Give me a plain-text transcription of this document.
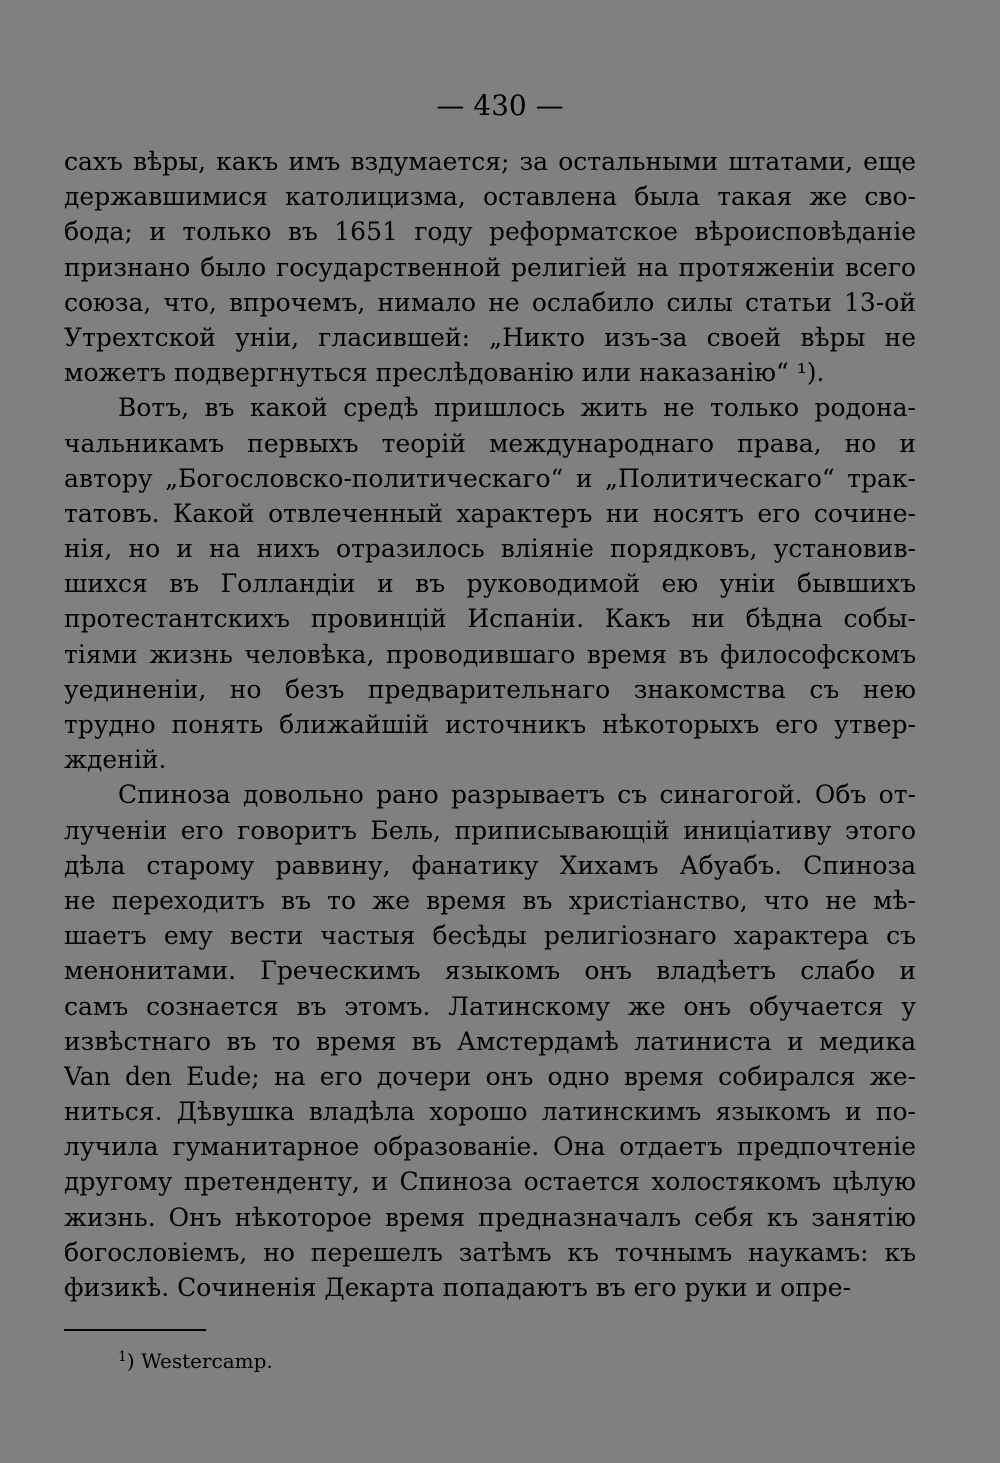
— 430 —
сахъ вѣры, какъ имъ вздумается; за остальными штатами, еще
державшимися католицизма, оставлена была такая же сво-
бода; и только въ 1651 году реформатское вѣроисповѣданіе
признано было государственной религіей на протяженіи всего
союза, что, впрочемъ, нимало не ослабило силы статьи 13-ой
Утрехтской уніи, гласившей: „Никто изъ-за своей вѣры не
можетъ подвергнуться преслѣдованію или наказанію“ ¹).
Вотъ, въ какой средѣ пришлось жить не только родона-
чальникамъ первыхъ теорій международнаго права, но и
автору „Богословско-политическаго“ и „Политическаго“ трак-
татовъ. Какой отвлеченный характеръ ни носятъ его сочине-
нія, но и на нихъ отразилось вліяніе порядковъ, установив-
шихся въ Голландіи и въ руководимой ею уніи бывшихъ
протестантскихъ провинцій Испаніи. Какъ ни бѣдна собы-
тіями жизнь человѣка, проводившаго время въ философскомъ
уединеніи, но безъ предварительнаго знакомства съ нею
трудно понять ближайшій источникъ нѣкоторыхъ его утвер-
жденій.
Спиноза довольно рано разрываетъ съ синагогой. Объ от-
лученіи его говоритъ Бель, приписывающій иниціативу этого
дѣла старому раввину, фанатику Хихамъ Абуабъ. Спиноза
не переходитъ въ то же время въ христіанство, что не мѣ-
шаетъ ему вести частыя бесѣды религіознаго характера съ
менонитами. Греческимъ языкомъ онъ владѣетъ слабо и
самъ сознается въ этомъ. Латинскому же онъ обучается у
извѣстнаго въ то время въ Амстердамѣ латиниста и медика
Van den Eude; на его дочери онъ одно время собирался же-
ниться. Дѣвушка владѣла хорошо латинскимъ языкомъ и по-
лучила гуманитарное образованіе. Она отдаетъ предпочтеніе
другому претенденту, и Спиноза остается холостякомъ цѣлую
жизнь. Онъ нѣкоторое время предназначалъ себя къ занятію
богословіемъ, но перешелъ затѣмъ къ точнымъ наукамъ: къ
физикѣ. Сочиненія Декарта попадаютъ въ его руки и опре-
$^1$) Westercamp.
